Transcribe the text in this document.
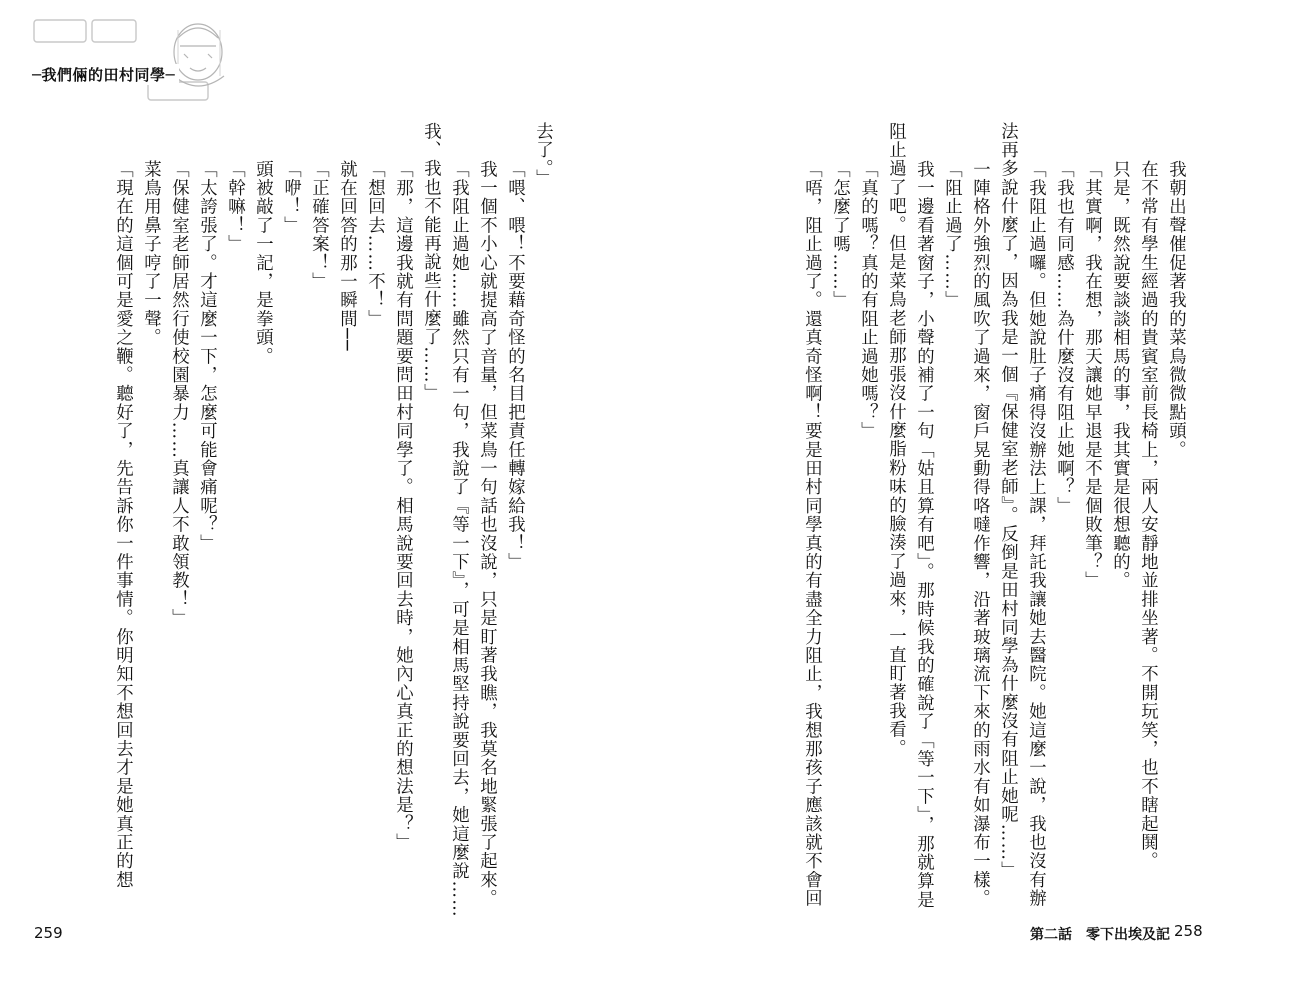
─我們倆的田村同學─
去了。」
「喂、喂！不要藉奇怪的名目把責任轉嫁給我！」
我一個不小心就提高了音量，但菜鳥一句話也沒說，只是盯著我瞧，我莫名地緊張了起來。
「我阻止過她……雖然只有一句，我說了『等一下』，可是相馬堅持說要回去，她這麼說……
我、我也不能再說些什麼了……」
「那，這邊我就有問題要問田村同學了。相馬說要回去時，她內心真正的想法是？」
「想回去……不！」
就在回答的那一瞬間──
「正確答案！」
「咿！」
頭被敲了一記，是拳頭。
「幹嘛！」
「太誇張了。才這麼一下，怎麼可能會痛呢？」
「保健室老師居然行使校園暴力……真讓人不敢領教！」
菜鳥用鼻子哼了一聲。
「現在的這個可是愛之鞭。聽好了，先告訴你一件事情。你明知不想回去才是她真正的想
259
我朝出聲催促著我的菜鳥微微點頭。
在不常有學生經過的貴賓室前長椅上，兩人安靜地並排坐著。不開玩笑，也不瞎起鬨。
只是，既然說要談談相馬的事，我其實是很想聽的。
「其實啊，我在想，那天讓她早退是不是個敗筆？」
「我也有同感……為什麼沒有阻止她啊？」
「我阻止過囉。但她說肚子痛得沒辦法上課，拜託我讓她去醫院。她這麼一說，我也沒有辦
法再多說什麼了，因為我是一個『保健室老師』。反倒是田村同學為什麼沒有阻止她呢……」
一陣格外強烈的風吹了過來，窗戶晃動得咯噠作響，沿著玻璃流下來的雨水有如瀑布一樣。
「阻止過了……」
我一邊看著窗子，小聲的補了一句「姑且算有吧」。那時候我的確說了「等一下」，那就算是
阻止過了吧。但是菜鳥老師那張沒什麼脂粉味的臉湊了過來，一直盯著我看。
「真的嗎？真的有阻止過她嗎？」
「怎麼了嗎……」
「唔，阻止過了。還真奇怪啊！要是田村同學真的有盡全力阻止，我想那孩子應該就不會回
第二話　零下出埃及記 258
